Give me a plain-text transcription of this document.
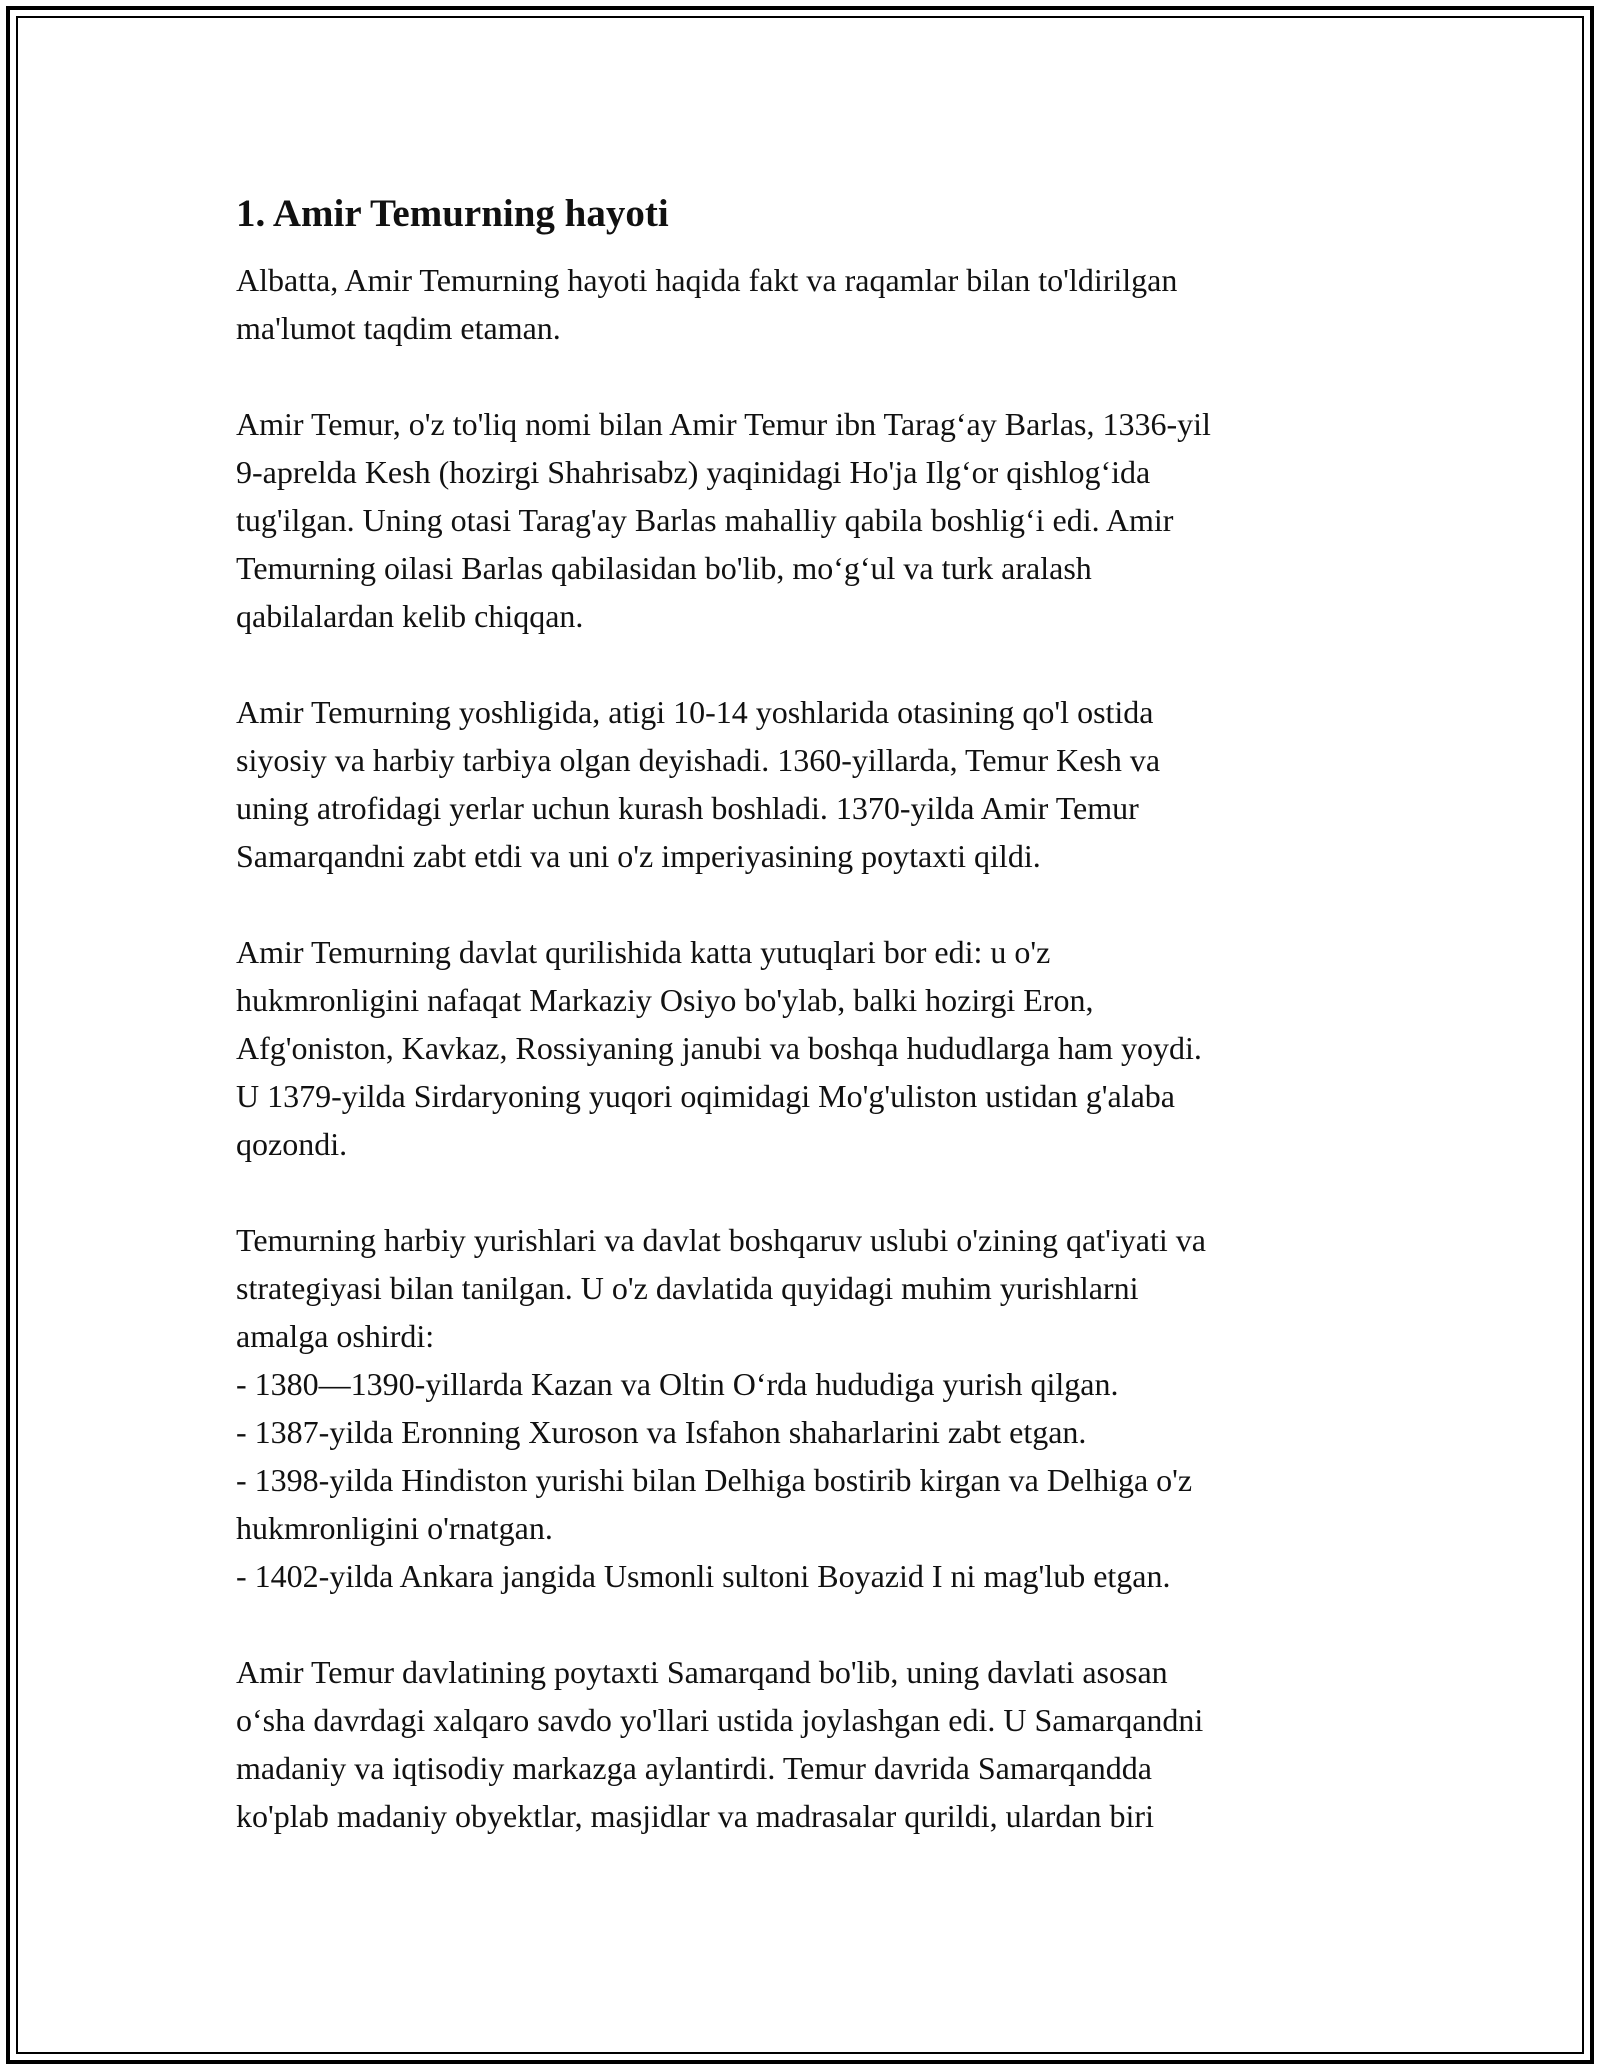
1. Amir Temurning hayoti

Albatta, Amir Temurning hayoti haqida fakt va raqamlar bilan to'ldirilgan
ma'lumot taqdim etaman.

Amir Temur, o'z to'liq nomi bilan Amir Temur ibn Tarag‘ay Barlas, 1336-yil
9-aprelda Kesh (hozirgi Shahrisabz) yaqinidagi Ho'ja Ilg‘or qishlog‘ida
tug'ilgan. Uning otasi Tarag'ay Barlas mahalliy qabila boshlig‘i edi. Amir
Temurning oilasi Barlas qabilasidan bo'lib, mo‘g‘ul va turk aralash
qabilalardan kelib chiqqan.

Amir Temurning yoshligida, atigi 10-14 yoshlarida otasining qo'l ostida
siyosiy va harbiy tarbiya olgan deyishadi. 1360-yillarda, Temur Kesh va
uning atrofidagi yerlar uchun kurash boshladi. 1370-yilda Amir Temur
Samarqandni zabt etdi va uni o'z imperiyasining poytaxti qildi.

Amir Temurning davlat qurilishida katta yutuqlari bor edi: u o'z
hukmronligini nafaqat Markaziy Osiyo bo'ylab, balki hozirgi Eron,
Afg'oniston, Kavkaz, Rossiyaning janubi va boshqa hududlarga ham yoydi.
U 1379-yilda Sirdaryoning yuqori oqimidagi Mo'g'uliston ustidan g'alaba
qozondi.

Temurning harbiy yurishlari va davlat boshqaruv uslubi o'zining qat'iyati va
strategiyasi bilan tanilgan. U o'z davlatida quyidagi muhim yurishlarni
amalga oshirdi:
- 1380—1390-yillarda Kazan va Oltin O‘rda hududiga yurish qilgan.
- 1387-yilda Eronning Xuroson va Isfahon shaharlarini zabt etgan.
- 1398-yilda Hindiston yurishi bilan Delhiga bostirib kirgan va Delhiga o'z
hukmronligini o'rnatgan.
- 1402-yilda Ankara jangida Usmonli sultoni Boyazid I ni mag'lub etgan.

Amir Temur davlatining poytaxti Samarqand bo'lib, uning davlati asosan
o‘sha davrdagi xalqaro savdo yo'llari ustida joylashgan edi. U Samarqandni
madaniy va iqtisodiy markazga aylantirdi. Temur davrida Samarqandda
ko'plab madaniy obyektlar, masjidlar va madrasalar qurildi, ulardan biri
